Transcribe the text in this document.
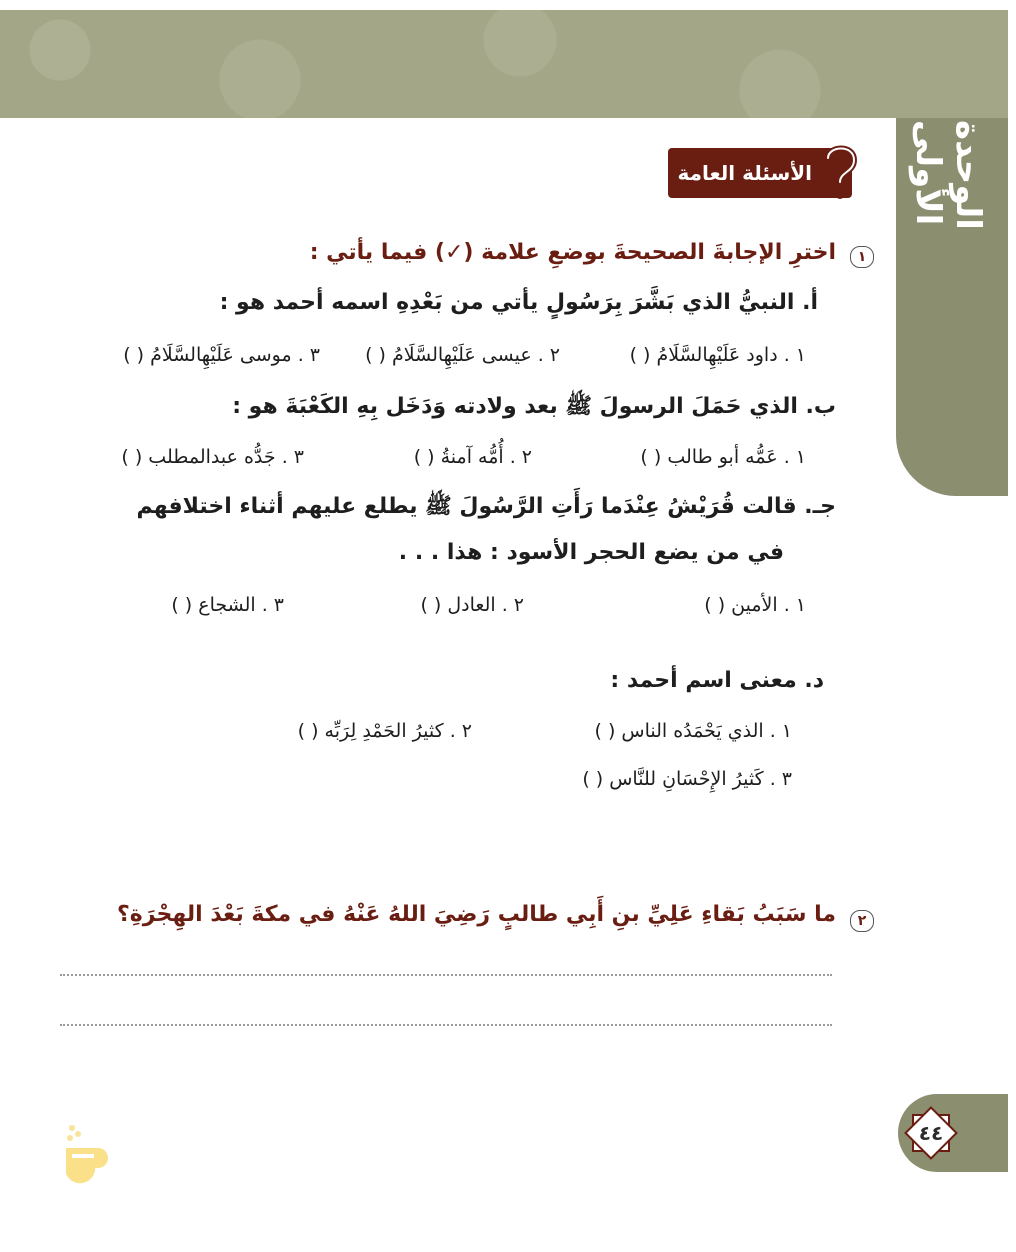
الوحدة الأولى
الأسئلة العامة
١
اخترِ الإجابةَ الصحيحةَ بوضعِ علامة (✓) فيما يأتي :
أ. النبيُّ الذي بَشَّرَ بِرَسُولٍ يأتي من بَعْدِهِ اسمه أحمد هو :
١ . داود عَلَيْهِالسَّلَامُ ( )
٢ . عيسى عَلَيْهِالسَّلَامُ ( )
٣ . موسى عَلَيْهِالسَّلَامُ ( )
ب. الذي حَمَلَ الرسولَ ﷺ بعد ولادته وَدَخَل بِهِ الكَعْبَةَ هو :
١ . عَمُّه أبو طالب ( )
٢ . أُمُّه آمنةُ ( )
٣ . جَدُّه عبدالمطلب ( )
جـ. قالت قُرَيْشُ عِنْدَما رَأَتِ الرَّسُولَ ﷺ يطلع عليهم أثناء اختلافهم
في من يضع الحجر الأسود : هذا . . .
١ . الأمين ( )
٢ . العادل ( )
٣ . الشجاع ( )
د. معنى اسم أحمد :
١ . الذي يَحْمَدُه الناس ( )
٢ . كثيرُ الحَمْدِ لِرَبِّه ( )
٣ . كَثيرُ الإِحْسَانِ للنَّاس ( )
٢
ما سَبَبُ بَقاءِ عَلِيِّ بنِ أَبِي طالبٍ رَضِيَ اللهُ عَنْهُ في مكةَ بَعْدَ الهِجْرَةِ؟
٤٤
